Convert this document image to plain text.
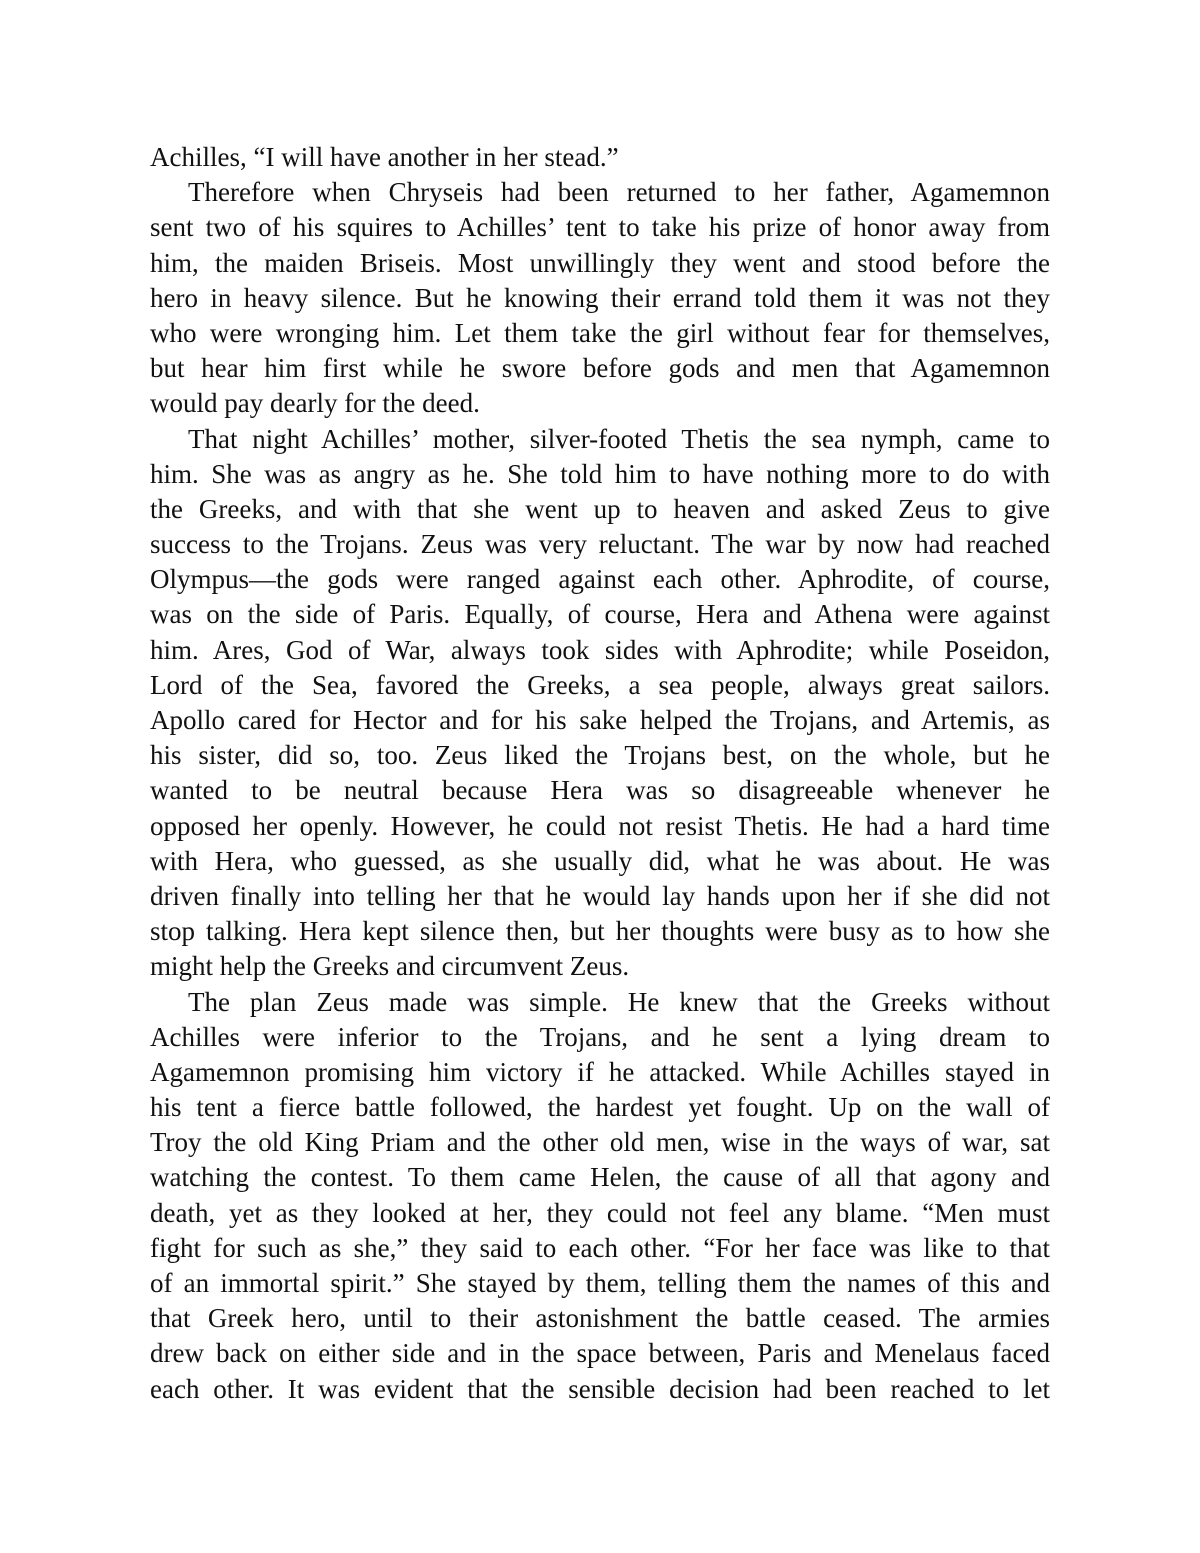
Achilles, “I will have another in her stead.”
Therefore when Chryseis had been returned to her father, Agamemnon
sent two of his squires to Achilles’ tent to take his prize of honor away from
him, the maiden Briseis. Most unwillingly they went and stood before the
hero in heavy silence. But he knowing their errand told them it was not they
who were wronging him. Let them take the girl without fear for themselves,
but hear him first while he swore before gods and men that Agamemnon
would pay dearly for the deed.
That night Achilles’ mother, silver-footed Thetis the sea nymph, came to
him. She was as angry as he. She told him to have nothing more to do with
the Greeks, and with that she went up to heaven and asked Zeus to give
success to the Trojans. Zeus was very reluctant. The war by now had reached
Olympus—the gods were ranged against each other. Aphrodite, of course,
was on the side of Paris. Equally, of course, Hera and Athena were against
him. Ares, God of War, always took sides with Aphrodite; while Poseidon,
Lord of the Sea, favored the Greeks, a sea people, always great sailors.
Apollo cared for Hector and for his sake helped the Trojans, and Artemis, as
his sister, did so, too. Zeus liked the Trojans best, on the whole, but he
wanted to be neutral because Hera was so disagreeable whenever he
opposed her openly. However, he could not resist Thetis. He had a hard time
with Hera, who guessed, as she usually did, what he was about. He was
driven finally into telling her that he would lay hands upon her if she did not
stop talking. Hera kept silence then, but her thoughts were busy as to how she
might help the Greeks and circumvent Zeus.
The plan Zeus made was simple. He knew that the Greeks without
Achilles were inferior to the Trojans, and he sent a lying dream to
Agamemnon promising him victory if he attacked. While Achilles stayed in
his tent a fierce battle followed, the hardest yet fought. Up on the wall of
Troy the old King Priam and the other old men, wise in the ways of war, sat
watching the contest. To them came Helen, the cause of all that agony and
death, yet as they looked at her, they could not feel any blame. “Men must
fight for such as she,” they said to each other. “For her face was like to that
of an immortal spirit.” She stayed by them, telling them the names of this and
that Greek hero, until to their astonishment the battle ceased. The armies
drew back on either side and in the space between, Paris and Menelaus faced
each other. It was evident that the sensible decision had been reached to let
